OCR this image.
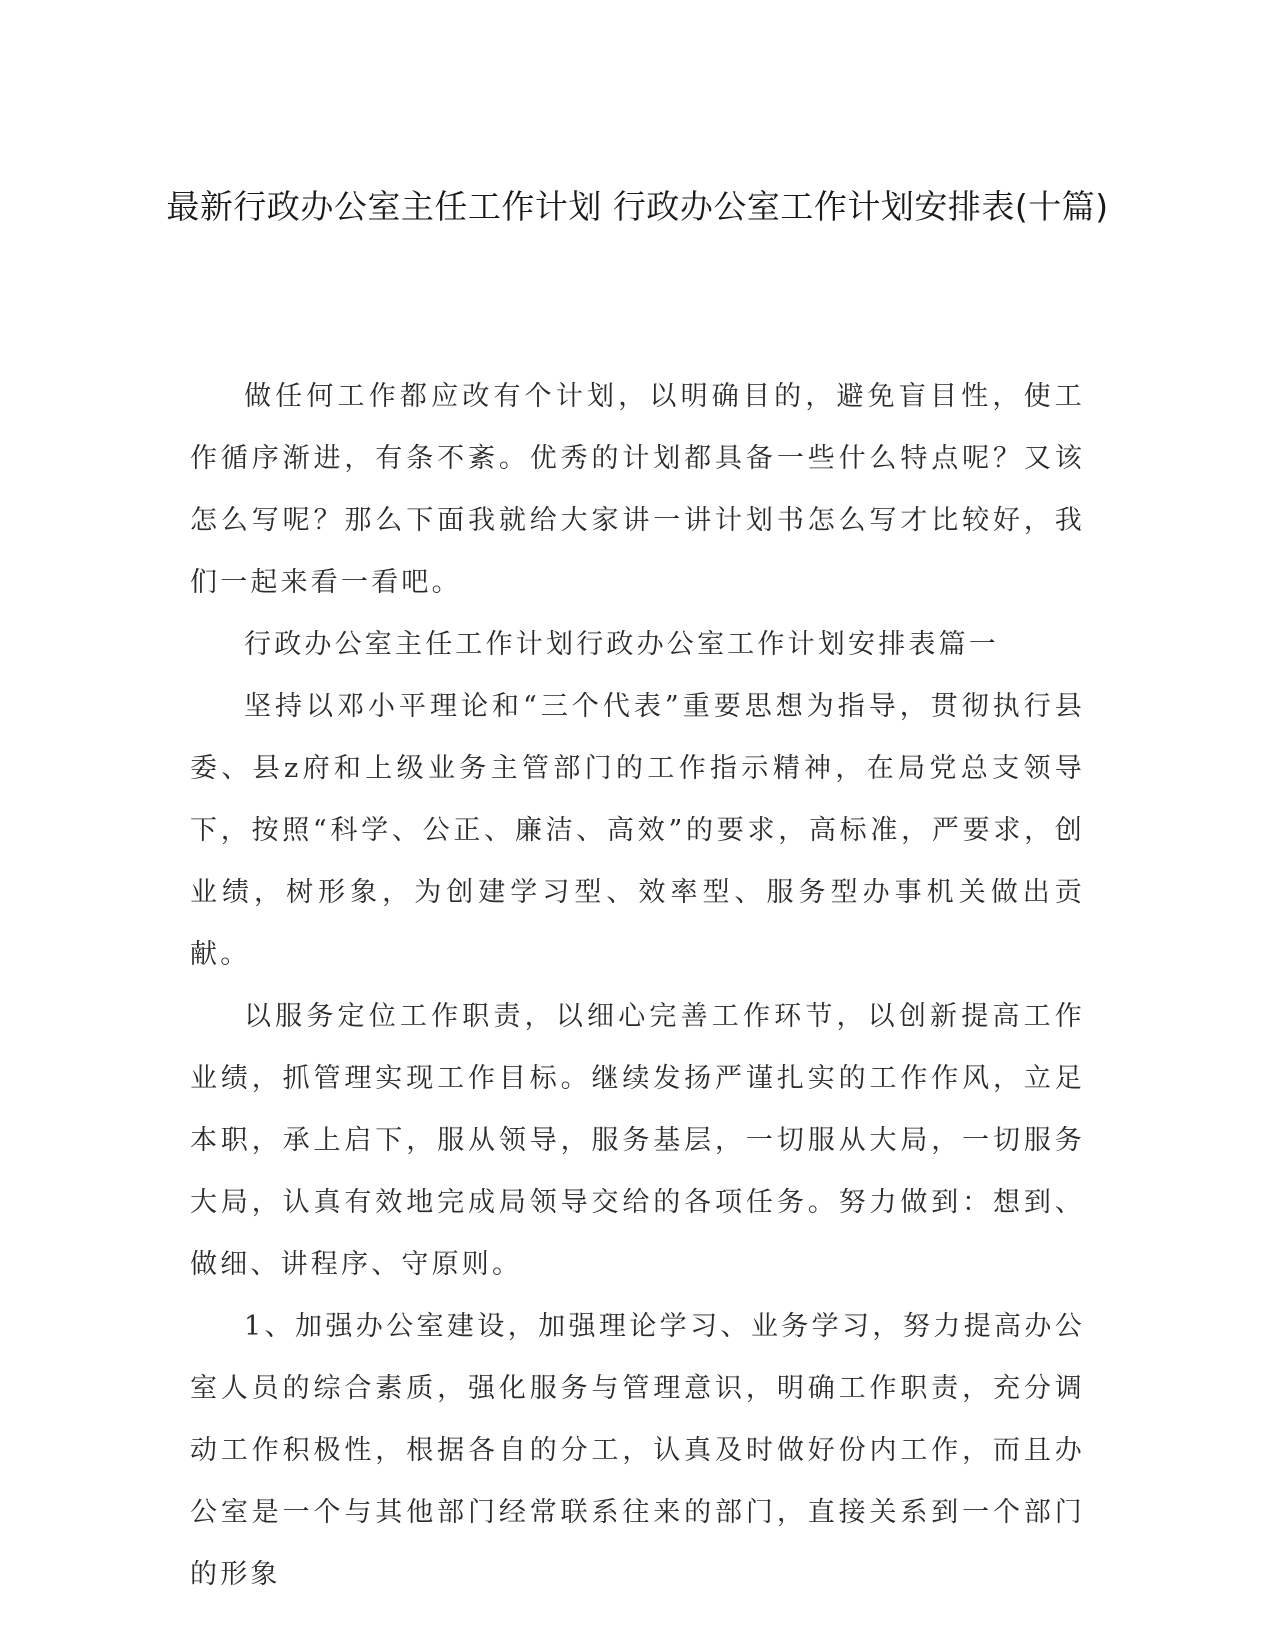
最新行政办公室主任工作计划 行政办公室工作计划安排表(十篇)

做任何工作都应改有个计划，以明确目的，避免盲目性，使工作循序渐进，有条不紊。优秀的计划都具备一些什么特点呢？又该怎么写呢？那么下面我就给大家讲一讲计划书怎么写才比较好，我们一起来看一看吧。

行政办公室主任工作计划行政办公室工作计划安排表篇一

坚持以邓小平理论和“三个代表”重要思想为指导，贯彻执行县委、县z府和上级业务主管部门的工作指示精神，在局党总支领导下，按照“科学、公正、廉洁、高效”的要求，高标准，严要求，创业绩，树形象，为创建学习型、效率型、服务型办事机关做出贡献。

以服务定位工作职责，以细心完善工作环节，以创新提高工作业绩，抓管理实现工作目标。继续发扬严谨扎实的工作作风，立足本职，承上启下，服从领导，服务基层，一切服从大局，一切服务大局，认真有效地完成局领导交给的各项任务。努力做到：想到、做细、讲程序、守原则。

1、加强办公室建设，加强理论学习、业务学习，努力提高办公室人员的综合素质，强化服务与管理意识，明确工作职责，充分调动工作积极性，根据各自的分工，认真及时做好份内工作，而且办公室是一个与其他部门经常联系往来的部门，直接关系到一个部门的形象
